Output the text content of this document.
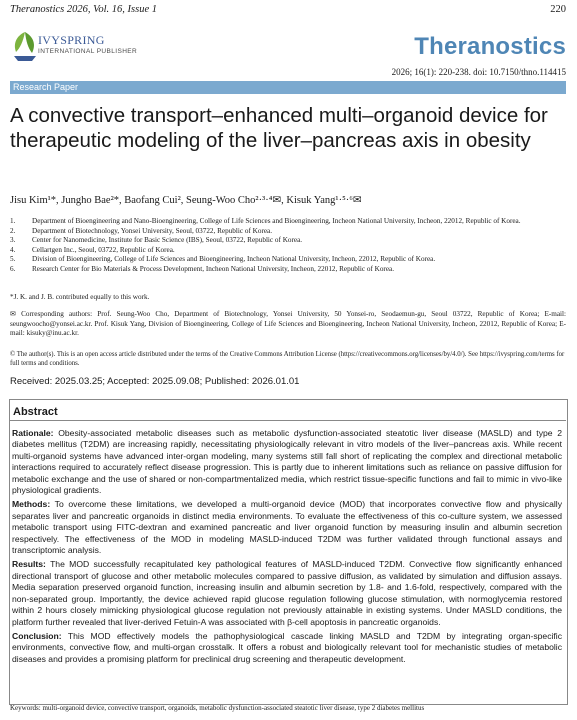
Theranostics 2026, Vol. 16, Issue 1	220
IVYSPRING
INTERNATIONAL PUBLISHER	Theranostics
2026; 16(1): 220-238. doi: 10.7150/thno.114415
Research Paper
A convective transport–enhanced multi–organoid device for therapeutic modeling of the liver–pancreas axis in obesity
Jisu Kim¹*, Jungho Bae²*, Baofang Cui², Seung-Woo Cho²·³·⁴✉, Kisuk Yang¹·⁵·⁶✉
1. Department of Bioengineering and Nano-Bioengineering, College of Life Sciences and Bioengineering, Incheon National University, Incheon, 22012, Republic of Korea.
2. Department of Biotechnology, Yonsei University, Seoul, 03722, Republic of Korea.
3. Center for Nanomedicine, Institute for Basic Science (IBS), Seoul, 03722, Republic of Korea.
4. Cellartgen Inc., Seoul, 03722, Republic of Korea.
5. Division of Bioengineering, College of Life Sciences and Bioengineering, Incheon National University, Incheon, 22012, Republic of Korea.
6. Research Center for Bio Materials & Process Development, Incheon National University, Incheon, 22012, Republic of Korea.
*J. K. and J. B. contributed equally to this work.
✉ Corresponding authors: Prof. Seung-Woo Cho, Department of Biotechnology, Yonsei University, 50 Yonsei-ro, Seodaemun-gu, Seoul 03722, Republic of Korea; E-mail: seungwoocho@yonsei.ac.kr. Prof. Kisuk Yang, Division of Bioengineering, College of Life Sciences and Bioengineering, Incheon National University, Incheon, 22012, Republic of Korea; E-mail: kisuky@inu.ac.kr.
© The author(s). This is an open access article distributed under the terms of the Creative Commons Attribution License (https://creativecommons.org/licenses/by/4.0/). See https://ivyspring.com/terms for full terms and conditions.
Received: 2025.03.25; Accepted: 2025.09.08; Published: 2026.01.01
Abstract

Rationale: Obesity-associated metabolic diseases such as metabolic dysfunction-associated steatotic liver disease (MASLD) and type 2 diabetes mellitus (T2DM) are increasing rapidly, necessitating physiologically relevant in vitro models of the liver–pancreas axis. While recent multi-organoid systems have advanced inter-organ modeling, many systems still fall short of replicating the complex and directional metabolic interactions required to accurately reflect disease progression. This is partly due to inherent limitations such as reliance on passive diffusion for metabolic exchange and the use of shared or non-compartmentalized media, which restrict tissue-specific functions and fail to mimic in vivo-like physiological gradients.

Methods: To overcome these limitations, we developed a multi-organoid device (MOD) that incorporates convective flow and physically separates liver and pancreatic organoids in distinct media environments. To evaluate the effectiveness of this co-culture system, we assessed metabolic transport using FITC-dextran and examined pancreatic and liver organoid function by measuring insulin and albumin secretion respectively. The effectiveness of the MOD in modeling MASLD-induced T2DM was further validated through functional assays and transcriptomic analysis.

Results: The MOD successfully recapitulated key pathological features of MASLD-induced T2DM. Convective flow significantly enhanced directional transport of glucose and other metabolic molecules compared to passive diffusion, as validated by simulation and diffusion assays. Media separation preserved organoid function, increasing insulin and albumin secretion by 1.8- and 1.6-fold, respectively, compared with the non-separated group. Importantly, the device achieved rapid glucose regulation following glucose stimulation, with normoglycemia restored within 2 hours closely mimicking physiological glucose regulation not previously attainable in existing systems. Under MASLD conditions, the platform further revealed that liver-derived Fetuin-A was associated with β-cell apoptosis in pancreatic organoids.

Conclusion: This MOD effectively models the pathophysiological cascade linking MASLD and T2DM by integrating organ-specific environments, convective flow, and multi-organ crosstalk. It offers a robust and biologically relevant tool for mechanistic studies of metabolic diseases and provides a promising platform for preclinical drug screening and therapeutic development.

Keywords: multi-organoid device, convective transport, organoids, metabolic dysfunction-associated steatotic liver disease, type 2 diabetes mellitus
